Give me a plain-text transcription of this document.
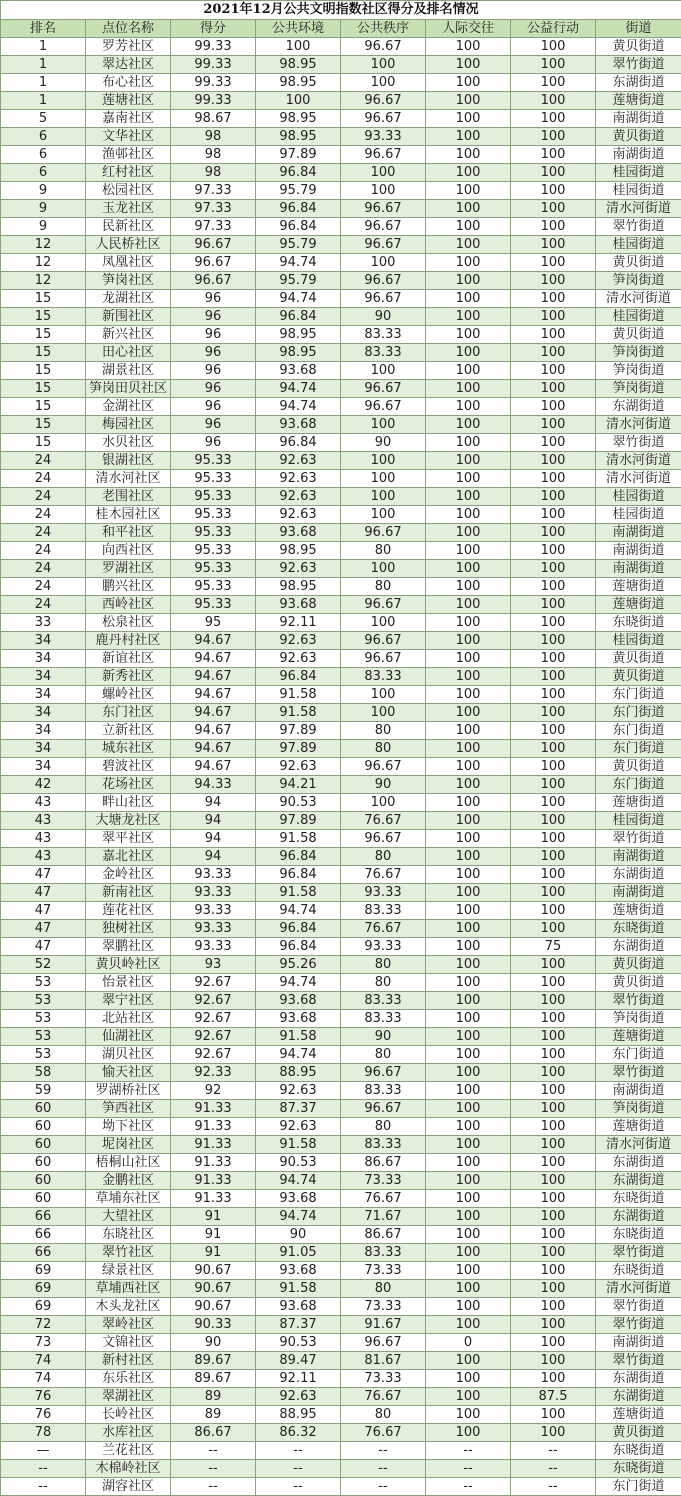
2021年12月公共文明指数社区得分及排名情况
排名	点位名称	得分	公共环境	公共秩序	人际交往	公益行动	街道
1	罗芳社区	99.33	100	96.67	100	100	黄贝街道
1	翠达社区	99.33	98.95	100	100	100	翠竹街道
1	布心社区	99.33	98.95	100	100	100	东湖街道
1	莲塘社区	99.33	100	96.67	100	100	莲塘街道
5	嘉南社区	98.67	98.95	96.67	100	100	南湖街道
6	文华社区	98	98.95	93.33	100	100	黄贝街道
6	渔邨社区	98	97.89	96.67	100	100	南湖街道
6	红村社区	98	96.84	100	100	100	桂园街道
9	松园社区	97.33	95.79	100	100	100	桂园街道
9	玉龙社区	97.33	96.84	96.67	100	100	清水河街道
9	民新社区	97.33	96.84	96.67	100	100	翠竹街道
12	人民桥社区	96.67	95.79	96.67	100	100	桂园街道
12	凤凰社区	96.67	94.74	100	100	100	黄贝街道
12	笋岗社区	96.67	95.79	96.67	100	100	笋岗街道
15	龙湖社区	96	94.74	96.67	100	100	清水河街道
15	新围社区	96	96.84	90	100	100	桂园街道
15	新兴社区	96	98.95	83.33	100	100	黄贝街道
15	田心社区	96	98.95	83.33	100	100	笋岗街道
15	湖景社区	96	93.68	100	100	100	笋岗街道
15	笋岗田贝社区	96	94.74	96.67	100	100	笋岗街道
15	金湖社区	96	94.74	96.67	100	100	东湖街道
15	梅园社区	96	93.68	100	100	100	清水河街道
15	水贝社区	96	96.84	90	100	100	翠竹街道
24	银湖社区	95.33	92.63	100	100	100	清水河街道
24	清水河社区	95.33	92.63	100	100	100	清水河街道
24	老围社区	95.33	92.63	100	100	100	桂园街道
24	桂木园社区	95.33	92.63	100	100	100	桂园街道
24	和平社区	95.33	93.68	96.67	100	100	南湖街道
24	向西社区	95.33	98.95	80	100	100	南湖街道
24	罗湖社区	95.33	92.63	100	100	100	南湖街道
24	鹏兴社区	95.33	98.95	80	100	100	莲塘街道
24	西岭社区	95.33	93.68	96.67	100	100	莲塘街道
33	松泉社区	95	92.11	100	100	100	东晓街道
34	鹿丹村社区	94.67	92.63	96.67	100	100	桂园街道
34	新谊社区	94.67	92.63	96.67	100	100	黄贝街道
34	新秀社区	94.67	96.84	83.33	100	100	黄贝街道
34	螺岭社区	94.67	91.58	100	100	100	东门街道
34	东门社区	94.67	91.58	100	100	100	东门街道
34	立新社区	94.67	97.89	80	100	100	东门街道
34	城东社区	94.67	97.89	80	100	100	东门街道
34	碧波社区	94.67	92.63	96.67	100	100	黄贝街道
42	花场社区	94.33	94.21	90	100	100	东门街道
43	畔山社区	94	90.53	100	100	100	莲塘街道
43	大塘龙社区	94	97.89	76.67	100	100	桂园街道
43	翠平社区	94	91.58	96.67	100	100	翠竹街道
43	嘉北社区	94	96.84	80	100	100	南湖街道
47	金岭社区	93.33	96.84	76.67	100	100	东湖街道
47	新南社区	93.33	91.58	93.33	100	100	南湖街道
47	莲花社区	93.33	94.74	83.33	100	100	莲塘街道
47	独树社区	93.33	96.84	76.67	100	100	东晓街道
47	翠鹏社区	93.33	96.84	93.33	100	75	东湖街道
52	黄贝岭社区	93	95.26	80	100	100	黄贝街道
53	怡景社区	92.67	94.74	80	100	100	黄贝街道
53	翠宁社区	92.67	93.68	83.33	100	100	翠竹街道
53	北站社区	92.67	93.68	83.33	100	100	笋岗街道
53	仙湖社区	92.67	91.58	90	100	100	莲塘街道
53	湖贝社区	92.67	94.74	80	100	100	东门街道
58	愉天社区	92.33	88.95	96.67	100	100	翠竹街道
59	罗湖桥社区	92	92.63	83.33	100	100	南湖街道
60	笋西社区	91.33	87.37	96.67	100	100	笋岗街道
60	坳下社区	91.33	92.63	80	100	100	莲塘街道
60	坭岗社区	91.33	91.58	83.33	100	100	清水河街道
60	梧桐山社区	91.33	90.53	86.67	100	100	东湖街道
60	金鹏社区	91.33	94.74	73.33	100	100	东湖街道
60	草埔东社区	91.33	93.68	76.67	100	100	东晓街道
66	大望社区	91	94.74	71.67	100	100	东湖街道
66	东晓社区	91	90	86.67	100	100	东晓街道
66	翠竹社区	91	91.05	83.33	100	100	翠竹街道
69	绿景社区	90.67	93.68	73.33	100	100	东晓街道
69	草埔西社区	90.67	91.58	80	100	100	清水河街道
69	木头龙社区	90.67	93.68	73.33	100	100	翠竹街道
72	翠岭社区	90.33	87.37	91.67	100	100	翠竹街道
73	文锦社区	90	90.53	96.67	0	100	南湖街道
74	新村社区	89.67	89.47	81.67	100	100	翠竹街道
74	东乐社区	89.67	92.11	73.33	100	100	东湖街道
76	翠湖社区	89	92.63	76.67	100	87.5	东湖街道
76	长岭社区	89	88.95	80	100	100	莲塘街道
78	水库社区	86.67	86.32	76.67	100	100	黄贝街道
—	兰花社区	--	--	--	--	--	东晓街道
--	木棉岭社区	--	--	--	--	--	东晓街道
--	湖容社区	--	--	--	--	--	东门街道
